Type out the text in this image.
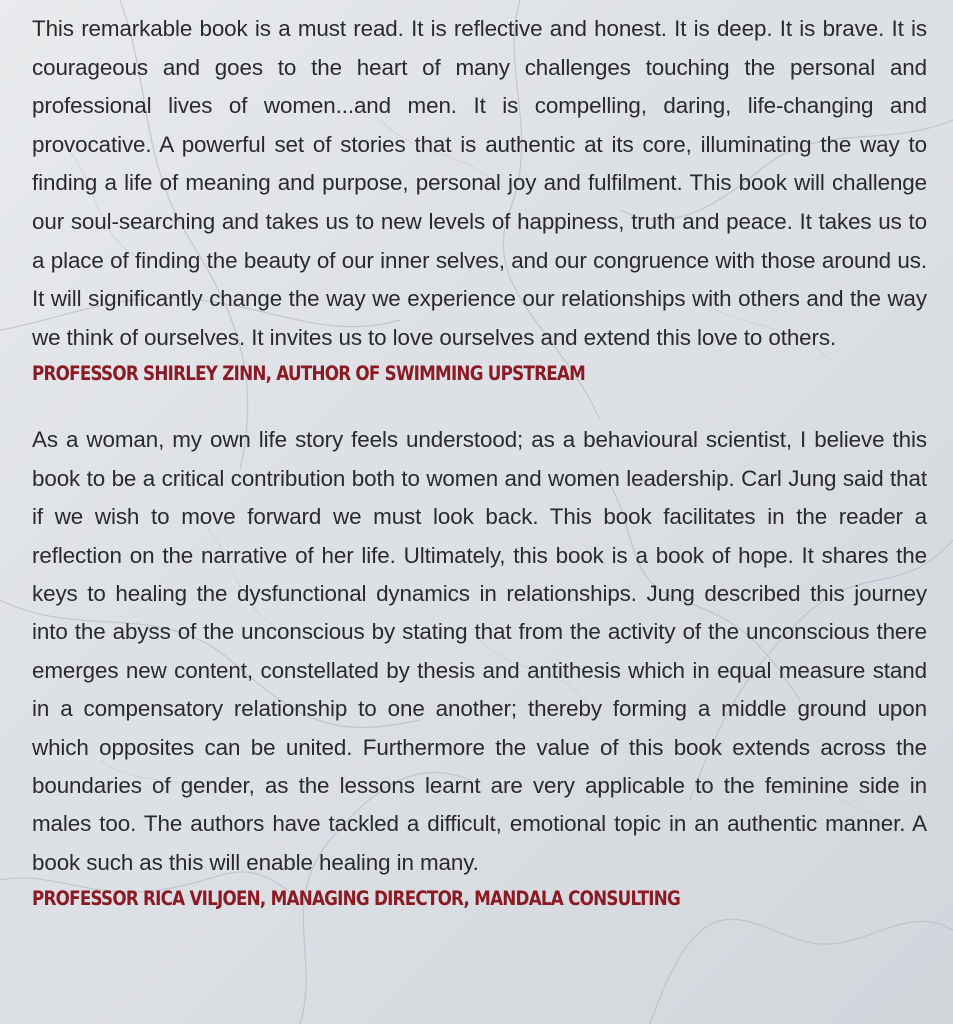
This remarkable book is a must read. It is reflective and honest. It is deep. It is brave. It is courageous and goes to the heart of many challenges touching the personal and professional lives of women...and men. It is compelling, daring, life-changing and provocative. A powerful set of stories that is authentic at its core, illuminating the way to finding a life of meaning and purpose, personal joy and fulfilment. This book will challenge our soul-searching and takes us to new levels of happiness, truth and peace. It takes us to a place of finding the beauty of our inner selves, and our congruence with those around us. It will significantly change the way we experience our relationships with others and the way we think of ourselves. It invites us to love ourselves and extend this love to others.

PROFESSOR SHIRLEY ZINN, AUTHOR OF SWIMMING UPSTREAM

As a woman, my own life story feels understood; as a behavioural scientist, I believe this book to be a critical contribution both to women and women leadership. Carl Jung said that if we wish to move forward we must look back. This book facilitates in the reader a reflection on the narrative of her life. Ultimately, this book is a book of hope. It shares the keys to healing the dysfunctional dynamics in relationships. Jung described this journey into the abyss of the unconscious by stating that from the activity of the unconscious there emerges new content, constellated by thesis and antithesis which in equal measure stand in a compensatory relationship to one another; thereby forming a middle ground upon which opposites can be united. Furthermore the value of this book extends across the boundaries of gender, as the lessons learnt are very applicable to the feminine side in males too. The authors have tackled a difficult, emotional topic in an authentic manner. A book such as this will enable healing in many.

PROFESSOR RICA VILJOEN, MANAGING DIRECTOR, MANDALA CONSULTING
